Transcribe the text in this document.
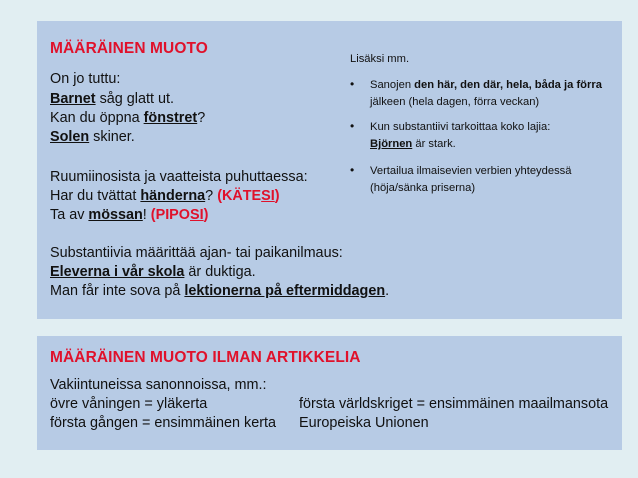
MÄÄRÄINEN MUOTO
On jo tuttu:
Barnet såg glatt ut.
Kan du öppna fönstret?
Solen skiner.
Ruumiinosista ja vaatteista puhuttaessa:
Har du tvättat händerna? (KÄTESI)
Ta av mössan! (PIPOSI)
Substantiivia määrittää ajan- tai paikanilmaus:
Eleverna i vår skola är duktiga.
Man får inte sova på lektionerna på eftermiddagen.
Lisäksi mm.
• Sanojen den här, den där, hela, båda ja förra
jälkeen (hela dagen, förra veckan)
• Kun substantiivi tarkoittaa koko lajia:
Björnen är stark.
• Vertailua ilmaisevien verbien yhteydessä
(höja/sänka priserna)
MÄÄRÄINEN MUOTO ILMAN ARTIKKELIA
Vakiintuneissa sanonnoissa, mm.:
övre våningen = yläkerta
första gången = ensimmäinen kerta
första världskriget = ensimmäinen maailmansota
Europeiska Unionen
